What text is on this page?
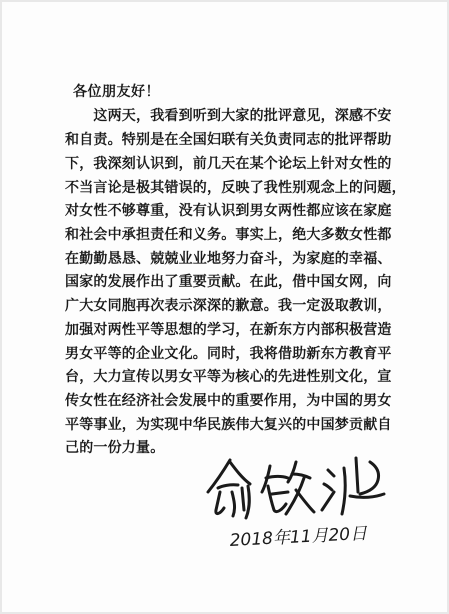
各位朋友好！
　　这两天，我看到听到大家的批评意见，深感不安
和自责。特别是在全国妇联有关负责同志的批评帮助
下，我深刻认识到，前几天在某个论坛上针对女性的
不当言论是极其错误的，反映了我性别观念上的问题，
对女性不够尊重，没有认识到男女两性都应该在家庭
和社会中承担责任和义务。事实上，绝大多数女性都
在勤勤恳恳、兢兢业业地努力奋斗，为家庭的幸福、
国家的发展作出了重要贡献。在此，借中国女网，向
广大女同胞再次表示深深的歉意。我一定汲取教训，
加强对两性平等思想的学习，在新东方内部积极营造
男女平等的企业文化。同时，我将借助新东方教育平
台，大力宣传以男女平等为核心的先进性别文化，宣
传女性在经济社会发展中的重要作用，为中国的男女
平等事业，为实现中华民族伟大复兴的中国梦贡献自
己的一份力量。
2018年11月20日
